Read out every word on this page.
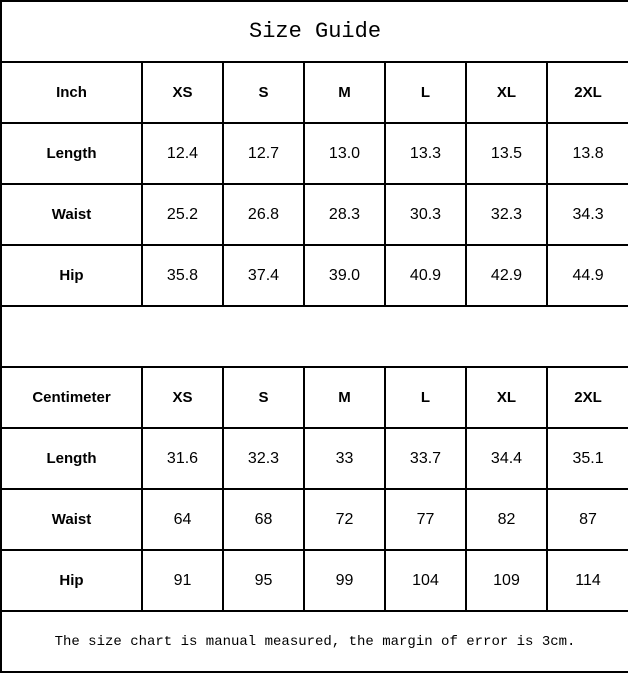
Size Guide						
Inch	XS	S	M	L	XL	2XL
Length	12.4	12.7	13.0	13.3	13.5	13.8
Waist	25.2	26.8	28.3	30.3	32.3	34.3
Hip	35.8	37.4	39.0	40.9	42.9	44.9

Centimeter	XS	S	M	L	XL	2XL
Length	31.6	32.3	33	33.7	34.4	35.1
Waist	64	68	72	77	82	87
Hip	91	95	99	104	109	114
The size chart is manual measured, the margin of error is 3cm.						
